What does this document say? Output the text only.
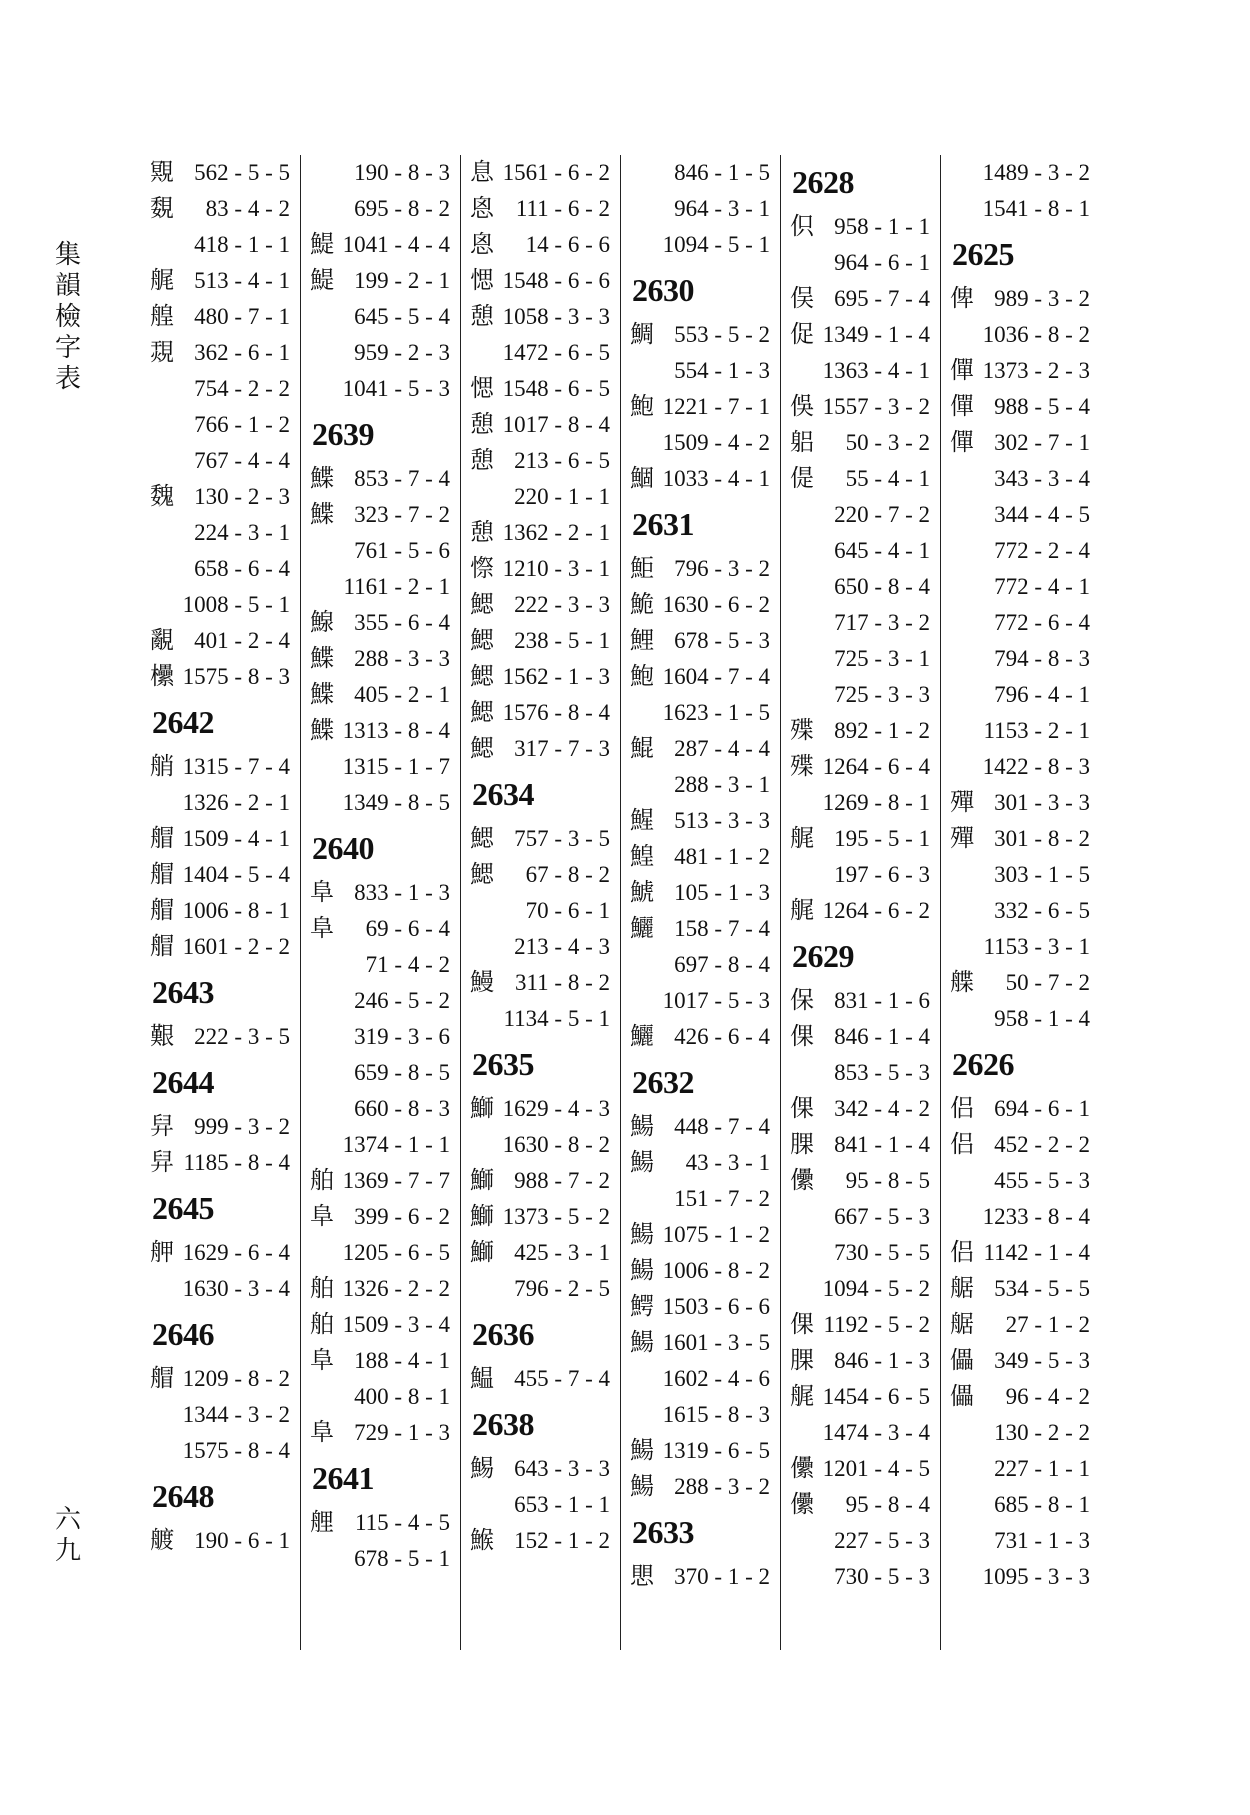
集韻檢字表
六九
覭 562 - 5 - 5
覣	83 - 4 - 2
418 - 1 - 1
艉 513 - 4 - 1
艎 480 - 7 - 1
覝 362 - 6 - 1
754 - 2 - 2
766 - 1 - 2
767 - 4 - 4
魏 130 - 2 - 3
224 - 3 - 1
658 - 6 - 4
1008 - 5 - 1
覶 401 - 2 - 4
欙 1575 - 8 - 3
2642
艄 1315 - 7 - 4
1326 - 2 - 1
艒 1509 - 4 - 1
艒 1404 - 5 - 4
艒 1006 - 8 - 1
艒 1601 - 2 - 2
2643
艱 222 - 3 - 5
2644
舁 999 - 3 - 2
舁 1185 - 8 - 4
2645
舺 1629 - 6 - 4
1630 - 3 - 4
2646
艒 1209 - 8 - 2
1344 - 3 - 2
1575 - 8 - 4
2648
艔 190 - 6 - 1
190 - 8 - 3
695 - 8 - 2
鯷 1041 - 4 - 4
鯷 199 - 2 - 1
645 - 5 - 4
959 - 2 - 3
1041 - 5 - 3
2639
鰈 853 - 7 - 4
鰈 323 - 7 - 2
761 - 5 - 6
1161 - 2 - 1
鰁 355 - 6 - 4
鰈 288 - 3 - 3
鰈 405 - 2 - 1
鰈 1313 - 8 - 4
1315 - 1 - 7
1349 - 8 - 5
2640
阜 833 - 1 - 3
阜	69 - 6 - 4
71 - 4 - 2
246 - 5 - 2
319 - 3 - 6
659 - 8 - 5
660 - 8 - 3
1374 - 1 - 1
舶 1369 - 7 - 7
阜 399 - 6 - 2
1205 - 6 - 5
舶 1326 - 2 - 2
舶 1509 - 3 - 4
阜 188 - 4 - 1
400 - 8 - 1
阜 729 - 1 - 3
2641
艃 115 - 4 - 5
678 - 5 - 1
息 1561 - 6 - 2
恖 111 - 6 - 2
恖	14 - 6 - 6
愢 1548 - 6 - 6
憩 1058 - 3 - 3
1472 - 6 - 5
愢 1548 - 6 - 5
憩 1017 - 8 - 4
憩 213 - 6 - 5
220 - 1 - 1
憩 1362 - 2 - 1
憏 1210 - 3 - 1
鰓 222 - 3 - 3
鰓 238 - 5 - 1
鰓 1562 - 1 - 3
鰓 1576 - 8 - 4
鰓 317 - 7 - 3
2634
鰓 757 - 3 - 5
鰓	67 - 8 - 2
70 - 6 - 1
213 - 4 - 3
鰻 311 - 8 - 2
1134 - 5 - 1
2635
鰤 1629 - 4 - 3
1630 - 8 - 2
鰤 988 - 7 - 2
鰤 1373 - 5 - 2
鰤 425 - 3 - 1
796 - 2 - 5
2636
鰛 455 - 7 - 4
2638
鯣 643 - 3 - 3
653 - 1 - 1
鯸 152 - 1 - 2
846 - 1 - 5
964 - 3 - 1
1094 - 5 - 1
2630
鯛 553 - 5 - 2
554 - 1 - 3
鮑 1221 - 7 - 1
1509 - 4 - 2
鯝 1033 - 4 - 1
2631
鮔 796 - 3 - 2
鮠 1630 - 6 - 2
鯉 678 - 5 - 3
鮑 1604 - 7 - 4
1623 - 1 - 5
鯤 287 - 4 - 4
288 - 3 - 1
鯹 513 - 3 - 3
鰉 481 - 1 - 2
鯱 105 - 1 - 3
鱺 158 - 7 - 4
697 - 8 - 4
1017 - 5 - 3
鱺 426 - 6 - 4
2632
鰑 448 - 7 - 4
鰑	43 - 3 - 1
151 - 7 - 2
鰑 1075 - 1 - 2
鰑 1006 - 8 - 2
鰐 1503 - 6 - 6
鰑 1601 - 3 - 5
1602 - 4 - 6
1615 - 8 - 3
鰑 1319 - 6 - 5
鰑 288 - 3 - 2
2633
愳 370 - 1 - 2
2628
伿 958 - 1 - 1
964 - 6 - 1
俣 695 - 7 - 4
促 1349 - 1 - 4
1363 - 4 - 1
俁 1557 - 3 - 2
躳	50 - 3 - 2
偍	55 - 4 - 1
220 - 7 - 2
645 - 4 - 1
650 - 8 - 4
717 - 3 - 2
725 - 3 - 1
725 - 3 - 3
殜 892 - 1 - 2
殜 1264 - 6 - 4
1269 - 8 - 1
艉 195 - 5 - 1
197 - 6 - 3
艉 1264 - 6 - 2
2629
保 831 - 1 - 6
倮 846 - 1 - 4
853 - 5 - 3
倮 342 - 4 - 2
腂 841 - 1 - 4
儽	95 - 8 - 5
667 - 5 - 3
730 - 5 - 5
1094 - 5 - 2
倮 1192 - 5 - 2
腂 846 - 1 - 3
艉 1454 - 6 - 5
1474 - 3 - 4
儽 1201 - 4 - 5
儽	95 - 8 - 4
227 - 5 - 3
730 - 5 - 3
1489 - 3 - 2
1541 - 8 - 1
2625
俾 989 - 3 - 2
1036 - 8 - 2
僤 1373 - 2 - 3
僤 988 - 5 - 4
僤 302 - 7 - 1
343 - 3 - 4
344 - 4 - 5
772 - 2 - 4
772 - 4 - 1
772 - 6 - 4
794 - 8 - 3
796 - 4 - 1
1153 - 2 - 1
1422 - 8 - 3
殫 301 - 3 - 3
殫 301 - 8 - 2
303 - 1 - 5
332 - 6 - 5
1153 - 3 - 1
艓	50 - 7 - 2
958 - 1 - 4
2626
侣 694 - 6 - 1
侣 452 - 2 - 2
455 - 5 - 3
1233 - 8 - 4
侣 1142 - 1 - 4
艍 534 - 5 - 5
艍	27 - 1 - 2
儡 349 - 5 - 3
儡	96 - 4 - 2
130 - 2 - 2
227 - 1 - 1
685 - 8 - 1
731 - 1 - 3
1095 - 3 - 3
